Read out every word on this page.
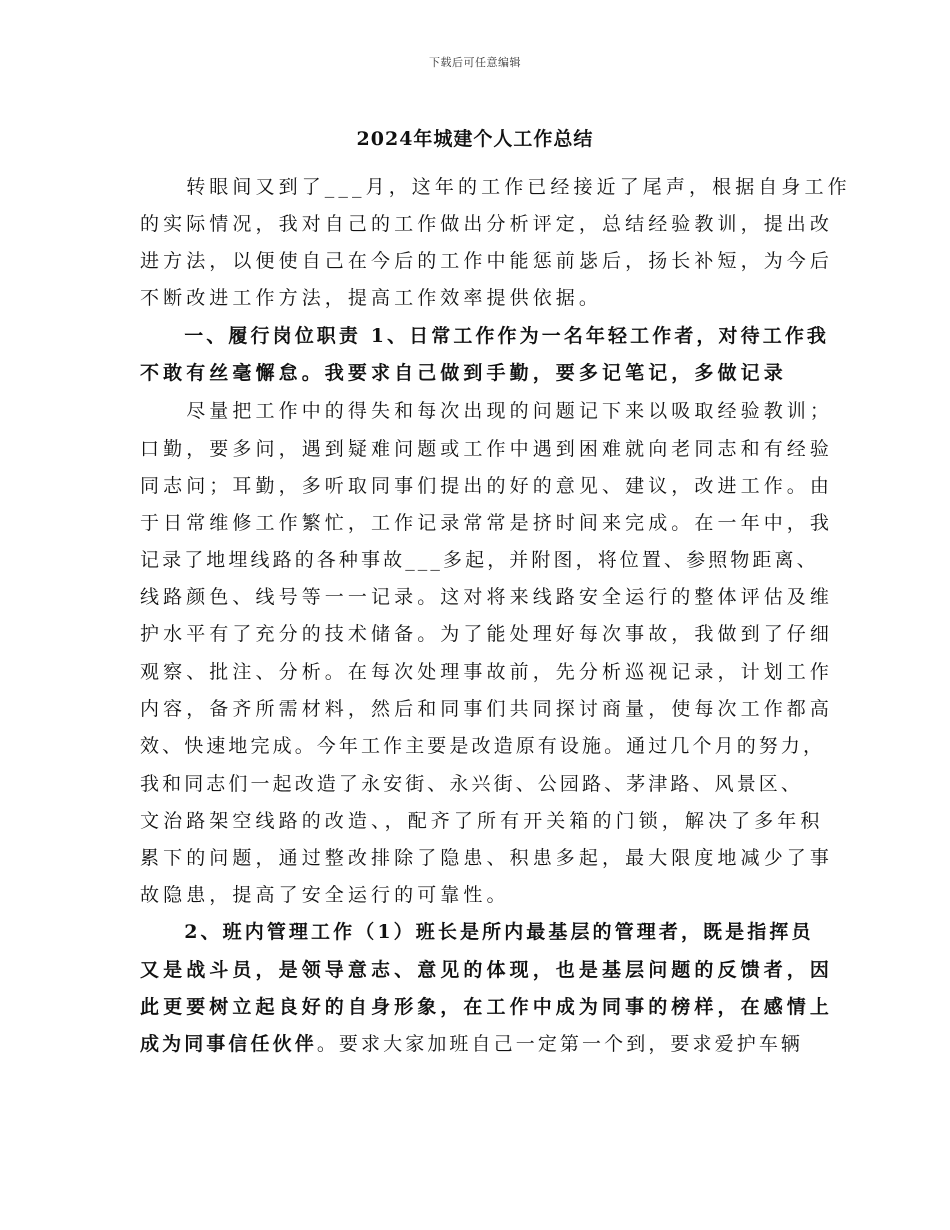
下载后可任意编辑
2024年城建个人工作总结
　　转眼间又到了___月，这年的工作已经接近了尾声，根据自身工作
的实际情况，我对自己的工作做出分析评定，总结经验教训，提出改
进方法，以便使自己在今后的工作中能惩前毖后，扬长补短，为今后
不断改进工作方法，提高工作效率提供依据。
　　一、履行岗位职责 1、日常工作作为一名年轻工作者，对待工作我
不敢有丝毫懈怠。我要求自己做到手勤，要多记笔记，多做记录
　　尽量把工作中的得失和每次出现的问题记下来以吸取经验教训；
口勤，要多问，遇到疑难问题或工作中遇到困难就向老同志和有经验
同志问；耳勤，多听取同事们提出的好的意见、建议，改进工作。由
于日常维修工作繁忙，工作记录常常是挤时间来完成。在一年中，我
记录了地埋线路的各种事故___多起，并附图，将位置、参照物距离、
线路颜色、线号等一一记录。这对将来线路安全运行的整体评估及维
护水平有了充分的技术储备。为了能处理好每次事故，我做到了仔细
观察、批注、分析。在每次处理事故前，先分析巡视记录，计划工作
内容，备齐所需材料，然后和同事们共同探讨商量，使每次工作都高
效、快速地完成。今年工作主要是改造原有设施。通过几个月的努力，
我和同志们一起改造了永安街、永兴街、公园路、茅津路、风景区、
文治路架空线路的改造、，配齐了所有开关箱的门锁，解决了多年积
累下的问题，通过整改排除了隐患、积患多起，最大限度地减少了事
故隐患，提高了安全运行的可靠性。
　　2、班内管理工作（1）班长是所内最基层的管理者，既是指挥员
又是战斗员，是领导意志、意见的体现，也是基层问题的反馈者，因
此更要树立起良好的自身形象，在工作中成为同事的榜样，在感情上
成为同事信任伙伴。要求大家加班自己一定第一个到，要求爱护车辆
